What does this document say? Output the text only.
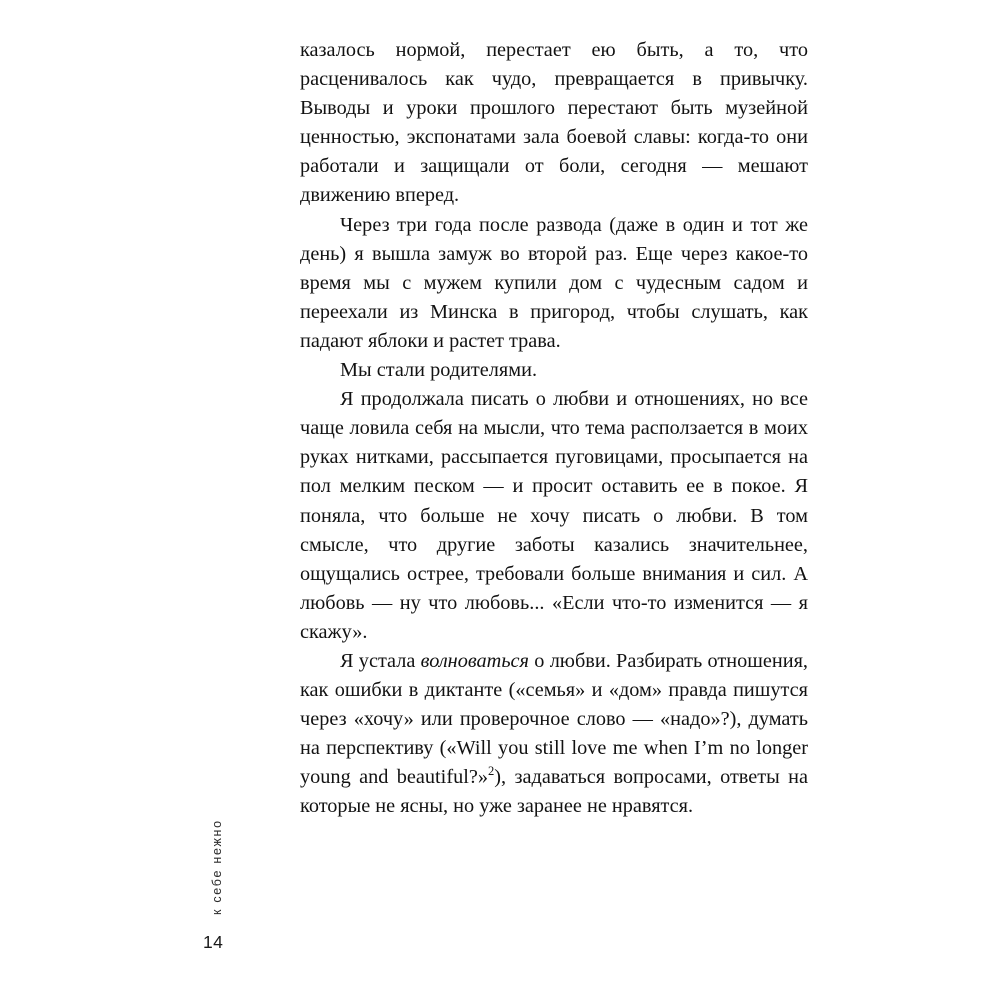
казалось нормой, перестает ею быть, а то, что расценивалось как чудо, превращается в привычку. Выводы и уроки прошлого перестают быть музейной ценностью, экспонатами зала боевой славы: когда-то они работали и защищали от боли, сегодня — мешают движению вперед.

Через три года после развода (даже в один и тот же день) я вышла замуж во второй раз. Еще через какое-то время мы с мужем купили дом с чудесным садом и переехали из Минска в пригород, чтобы слушать, как падают яблоки и растет трава.

Мы стали родителями.

Я продолжала писать о любви и отношениях, но все чаще ловила себя на мысли, что тема расползается в моих руках нитками, рассыпается пуговицами, просыпается на пол мелким песком — и просит оставить ее в покое. Я поняла, что больше не хочу писать о любви. В том смысле, что другие заботы казались значительнее, ощущались острее, требовали больше внимания и сил. А любовь — ну что любовь... «Если что-то изменится — я скажу».

Я устала волноваться о любви. Разбирать отношения, как ошибки в диктанте («семья» и «дом» правда пишутся через «хочу» или проверочное слово — «надо»?), думать на перспективу («Will you still love me when I’m no longer young and beautiful?»$^2$), задаваться вопросами, ответы на которые не ясны, но уже заранее не нравятся.

к себе нежно
14
